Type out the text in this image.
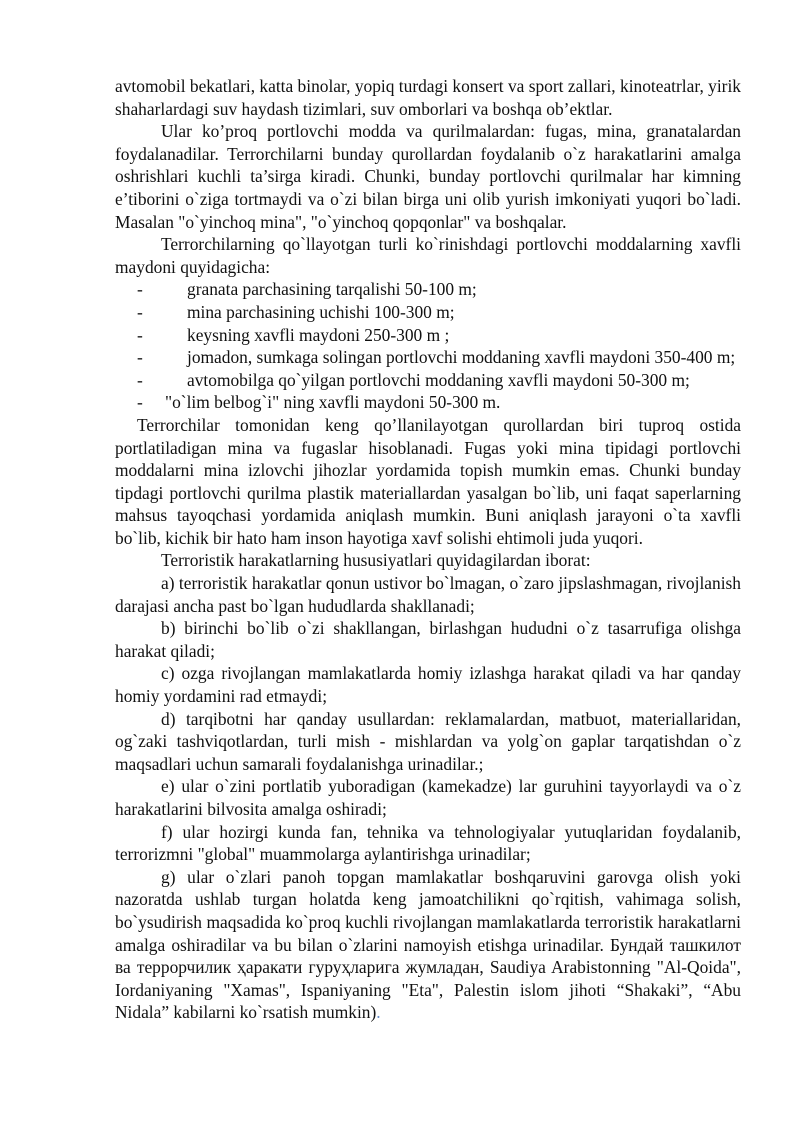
avtomobil bekatlari, katta binolar, yopiq turdagi konsert va sport zallari, kinoteatrlar, yirik shaharlardagi suv haydash tizimlari, suv omborlari va boshqa ob’ektlar.

Ular ko’proq portlovchi modda va qurilmalardan: fugas, mina, granatalardan foydalanadilar. Terrorchilarni bunday qurollardan foydalanib o`z harakatlarini amalga oshrishlari kuchli ta’sirga kiradi. Chunki, bunday portlovchi qurilmalar har kimning e’tiborini o`ziga tortmaydi va o`zi bilan birga uni olib yurish imkoniyati yuqori bo`ladi. Masalan "o`yinchoq mina", "o`yinchoq qopqonlar" va boshqalar.

Terrorchilarning qo`llayotgan turli ko`rinishdagi portlovchi moddalarning xavfli maydoni quyidagicha:

-	granata parchasining tarqalishi 50-100 m;
-	mina parchasining uchishi 100-300 m;
-	keysning xavfli maydoni 250-300 m ;

-	jomadon, sumkaga solingan portlovchi moddaning xavfli maydoni 350-400 m;

-	avtomobilga qo`yilgan portlovchi moddaning xavfli maydoni 50-300 m;

- "o`lim belbog`i" ning xavfli maydoni 50-300 m.

Terrorchilar tomonidan keng qo’llanilayotgan qurollardan biri tuproq ostida portlatiladigan mina va fugaslar hisoblanadi. Fugas yoki mina tipidagi portlovchi moddalarni mina izlovchi jihozlar yordamida topish mumkin emas. Chunki bunday tipdagi portlovchi qurilma plastik materiallardan yasalgan bo`lib, uni faqat saperlarning mahsus tayoqchasi yordamida aniqlash mumkin. Buni aniqlash jarayoni o`ta xavfli bo`lib, kichik bir hato ham inson hayotiga xavf solishi ehtimoli juda yuqori.

Terroristik harakatlarning hususiyatlari quyidagilardan iborat:

a) terroristik harakatlar qonun ustivor bo`lmagan, o`zaro jipslashmagan, rivojlanish darajasi ancha past bo`lgan hududlarda shakllanadi;

b) birinchi bo`lib o`zi shakllangan, birlashgan hududni o`z tasarrufiga olishga harakat qiladi;

c) ozga rivojlangan mamlakatlarda homiy izlashga harakat qiladi va har qanday homiy yordamini rad etmaydi;

d) tarqibotni har qanday usullardan: reklamalardan, matbuot, materiallaridan, og`zaki tashviqotlardan, turli mish - mishlardan va yolg`on gaplar tarqatishdan o`z maqsadlari uchun samarali foydalanishga urinadilar.;

e) ular o`zini portlatib yuboradigan (kamekadze) lar guruhini tayyorlaydi va o`z harakatlarini bilvosita amalga oshiradi;

f) ular hozirgi kunda fan, tehnika va tehnologiyalar yutuqlaridan foydalanib, terrorizmni "global" muammolarga aylantirishga urinadilar;

g) ular o`zlari panoh topgan mamlakatlar boshqaruvini garovga olish yoki nazoratda ushlab turgan holatda keng jamoatchilikni qo`rqitish, vahimaga solish, bo`ysudirish maqsadida ko`proq kuchli rivojlangan mamlakatlarda terroristik harakatlarni amalga oshiradilar va bu bilan o`zlarini namoyish etishga urinadilar. Бундай ташкилот ва террорчилик ҳаракати гуруҳларига жумладан, Saudiya Arabistonning "Al-Qoida", Iordaniyaning "Xamas", Ispaniyaning "Eta", Palestin islom jihoti “Shakaki”, “Abu Nidala” kabilarni ko`rsatish mumkin).
